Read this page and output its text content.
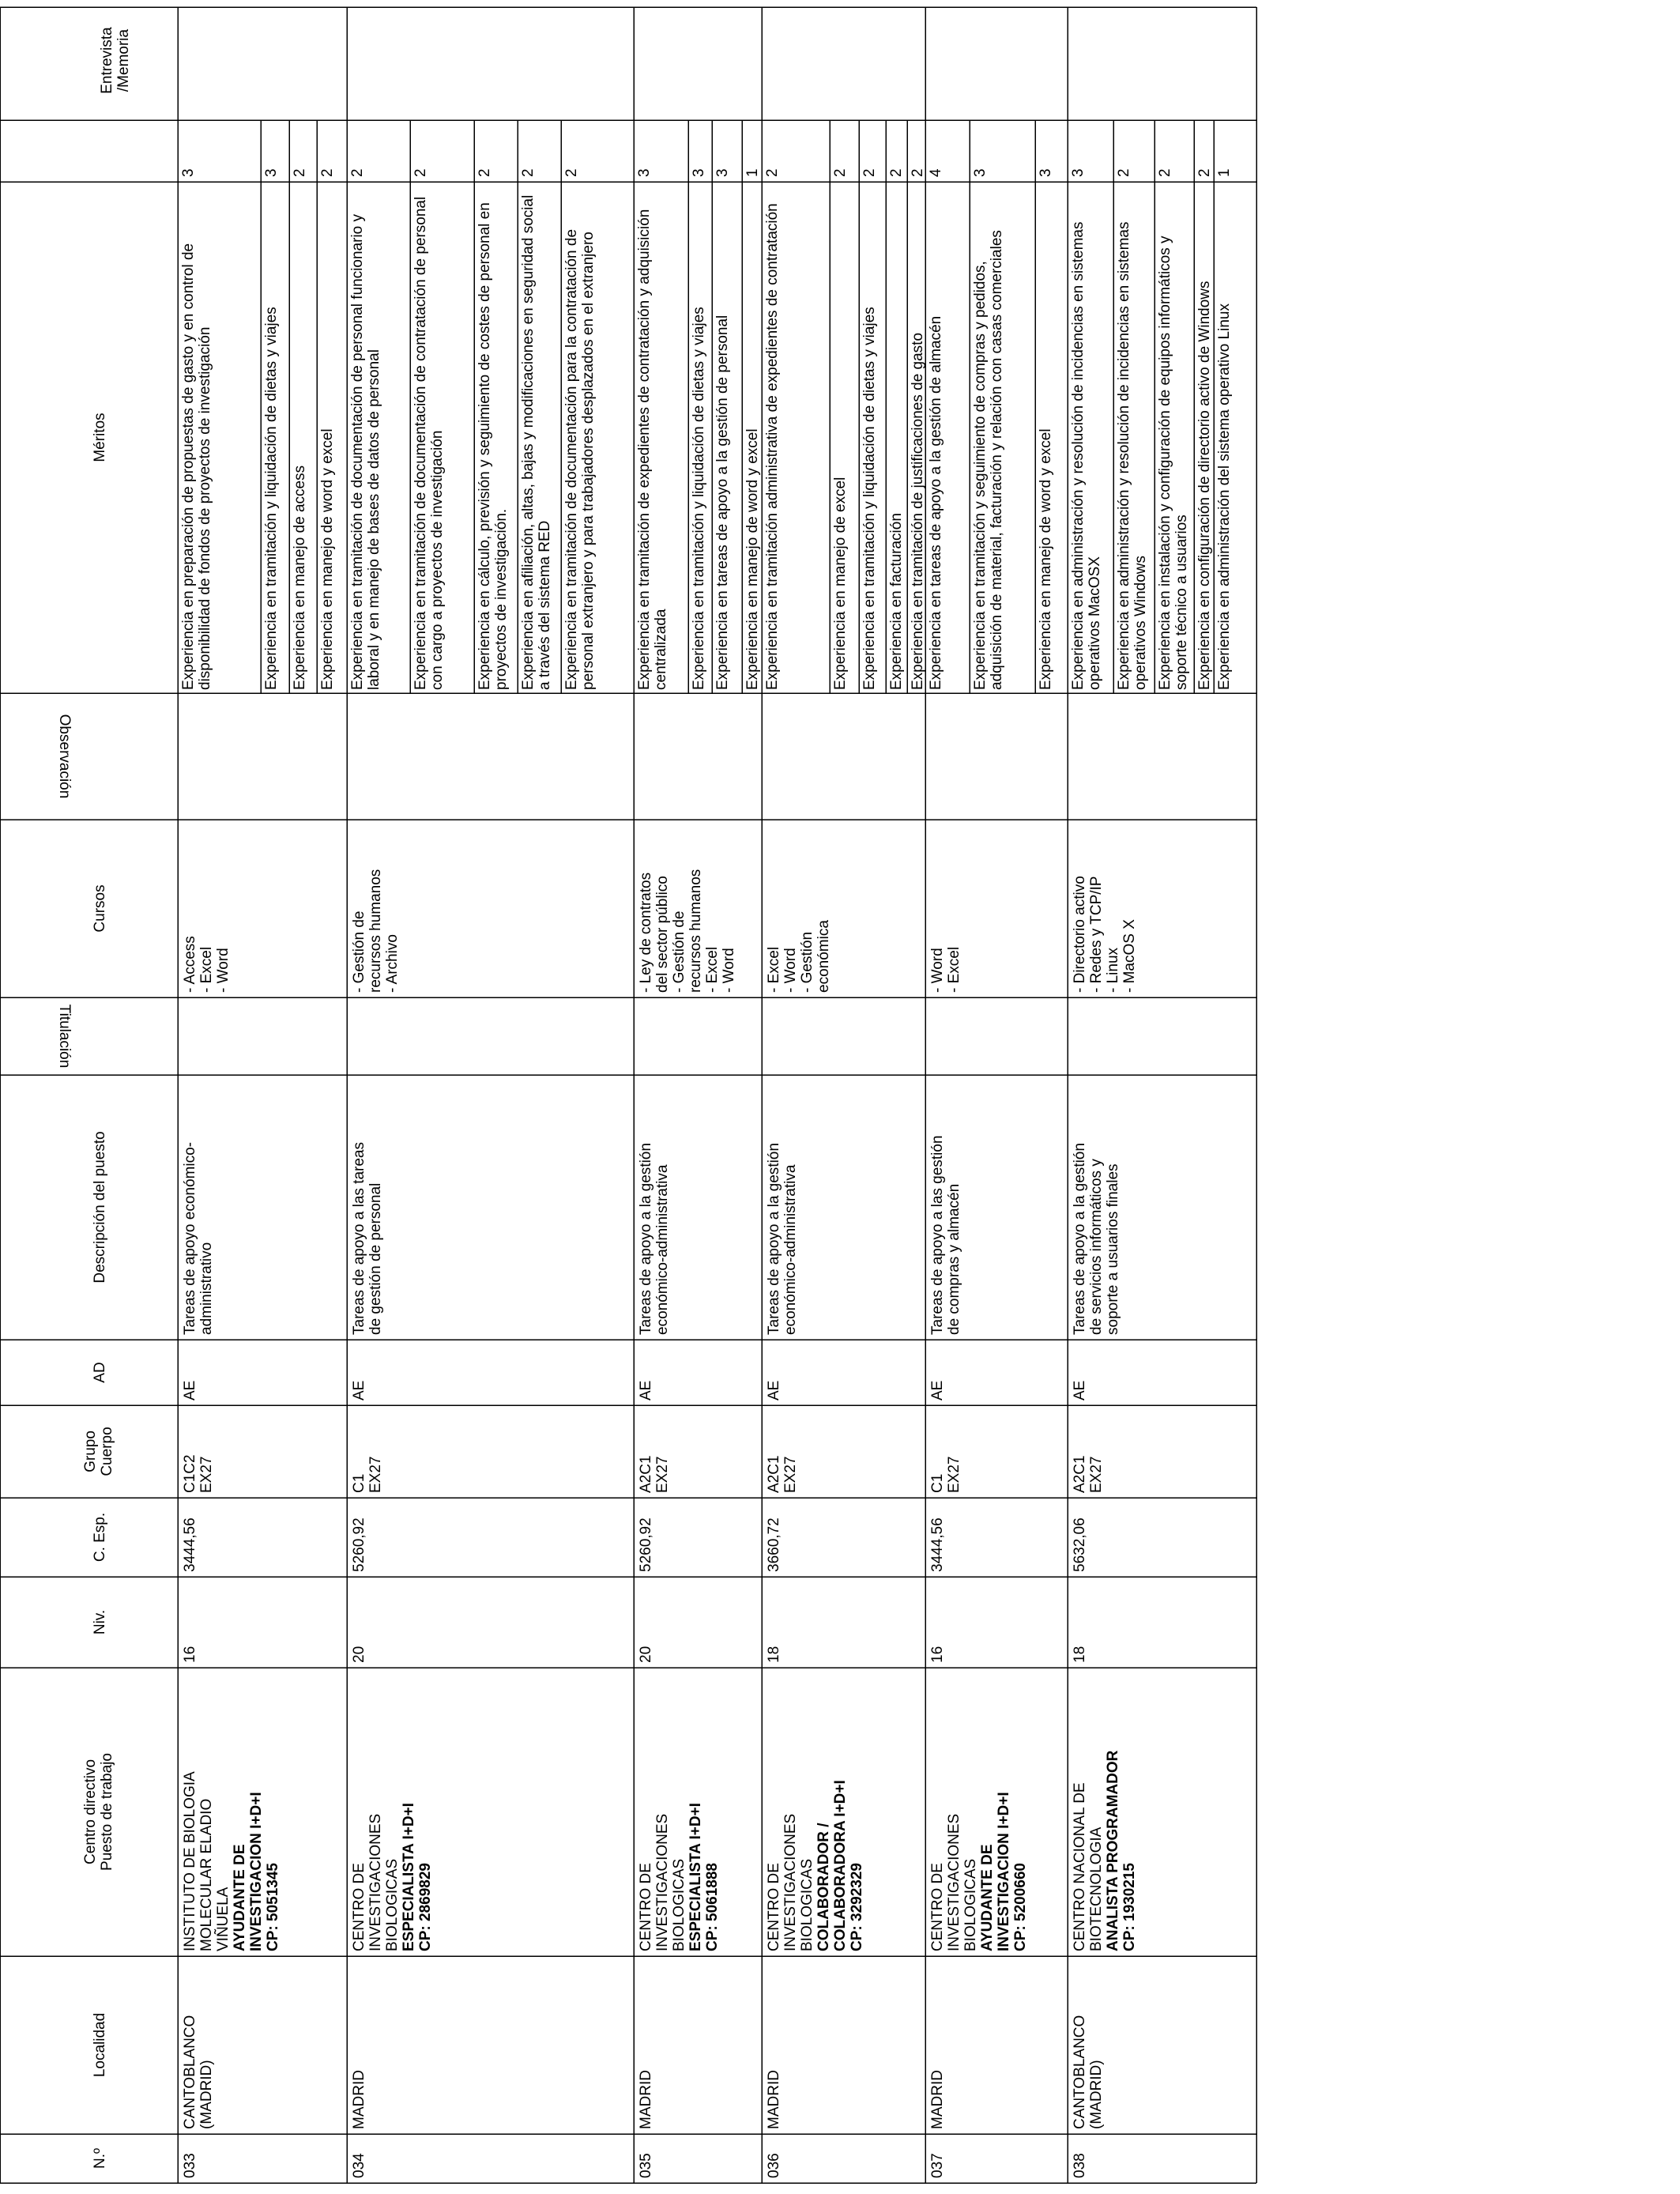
N.º
Localidad
Centro directivo
Puesto de trabajo
Niv.
C. Esp.
Grupo
Cuerpo
AD
Descripción del puesto
Titulación
Cursos
Observación
Méritos
Entrevista
/Memoria
033
CANTOBLANCO
(MADRID)
16
3444,56
C1C2
EX27
AE
Tareas de apoyo económico-
administrativo
- Access
- Excel
- Word
INSTITUTO DE BIOLOGIA
MOLECULAR ELADIO
VIÑUELA
AYUDANTE DE
INVESTIGACION I+D+I
CP: 5051345
Experiencia en preparación de propuestas de gasto y en control de disponibilidad de fondos de proyectos de investigación
3
Experiencia en tramitación y liquidación de dietas y viajes
3
Experiencia en manejo de access
2
Experiencia en manejo de word y excel
2
034
MADRID
20
5260,92
C1
EX27
AE
Tareas de apoyo a las tareas
de gestión de personal
- Gestión de
recursos humanos
- Archivo
CENTRO DE
INVESTIGACIONES
BIOLOGICAS
ESPECIALISTA I+D+I
CP: 2869829
Experiencia en tramitación de documentación de personal funcionario y laboral y en manejo de bases de datos de personal
2
Experiencia en tramitación de documentación de contratación de personal con cargo a proyectos de investigación
2
Experiencia en cálculo, previsión y seguimiento de costes de personal en proyectos de investigación.
2
Experiencia en afiliación, altas, bajas y modificaciones en seguridad social a través del sistema RED
2
Experiencia en tramitación de documentación para la contratación de personal extranjero y para trabajadores desplazados en el extranjero
2
035
MADRID
20
5260,92
A2C1
EX27
AE
Tareas de apoyo a la gestión
económico-administrativa
- Ley de contratos
del sector público
- Gestión de
recursos humanos
- Excel
- Word
CENTRO DE
INVESTIGACIONES
BIOLOGICAS
ESPECIALISTA I+D+I
CP: 5061888
Experiencia en tramitación de expedientes de contratación y adquisición centralizada
3
Experiencia en tramitación y liquidación de dietas y viajes
3
Experiencia en tareas de apoyo a la gestión de personal
3
Experiencia en manejo de word y excel
1
036
MADRID
18
3660,72
A2C1
EX27
AE
Tareas de apoyo a la gestión
económico-administrativa
- Excel
- Word
- Gestión
económica
CENTRO DE
INVESTIGACIONES
BIOLOGICAS
COLABORADOR /
COLABORADORA I+D+I
CP: 3292329
Experiencia en tramitación administrativa de expedientes de contratación
2
Experiencia en manejo de excel
2
Experiencia en tramitación y liquidación de dietas y viajes
2
Experiencia en facturación
2
Experiencia en tramitación de justificaciones de gasto
2
037
MADRID
16
3444,56
C1
EX27
AE
Tareas de apoyo a las gestión
de compras y almacén
- Word
- Excel
CENTRO DE
INVESTIGACIONES
BIOLOGICAS
AYUDANTE DE
INVESTIGACION I+D+I
CP: 5200660
Experiencia en tareas de apoyo a la gestión de almacén
4
Experiencia en tramitación y seguimiento de compras y pedidos, adquisición de material, facturación y relación con casas comerciales
3
Experiencia en manejo de word y excel
3
038
CANTOBLANCO
(MADRID)
18
5632,06
A2C1
EX27
AE
Tareas de apoyo a la gestión
de servicios informáticos y
soporte a usuarios finales
- Directorio activo
- Redes y TCP/IP
- Linux
- MacOS X
CENTRO NACIONAL DE
BIOTECNOLOGIA
ANALISTA PROGRAMADOR
CP: 1930215
Experiencia en administración y resolución de incidencias en sistemas operativos MacOSX
3
Experiencia en administración y resolución de incidencias en sistemas operativos Windows
2
Experiencia en instalación y configuración de equipos informáticos y soporte técnico a usuarios
2
Experiencia en configuración de directorio activo de Windows
2
Experiencia en administración del sistema operativo Linux
1
